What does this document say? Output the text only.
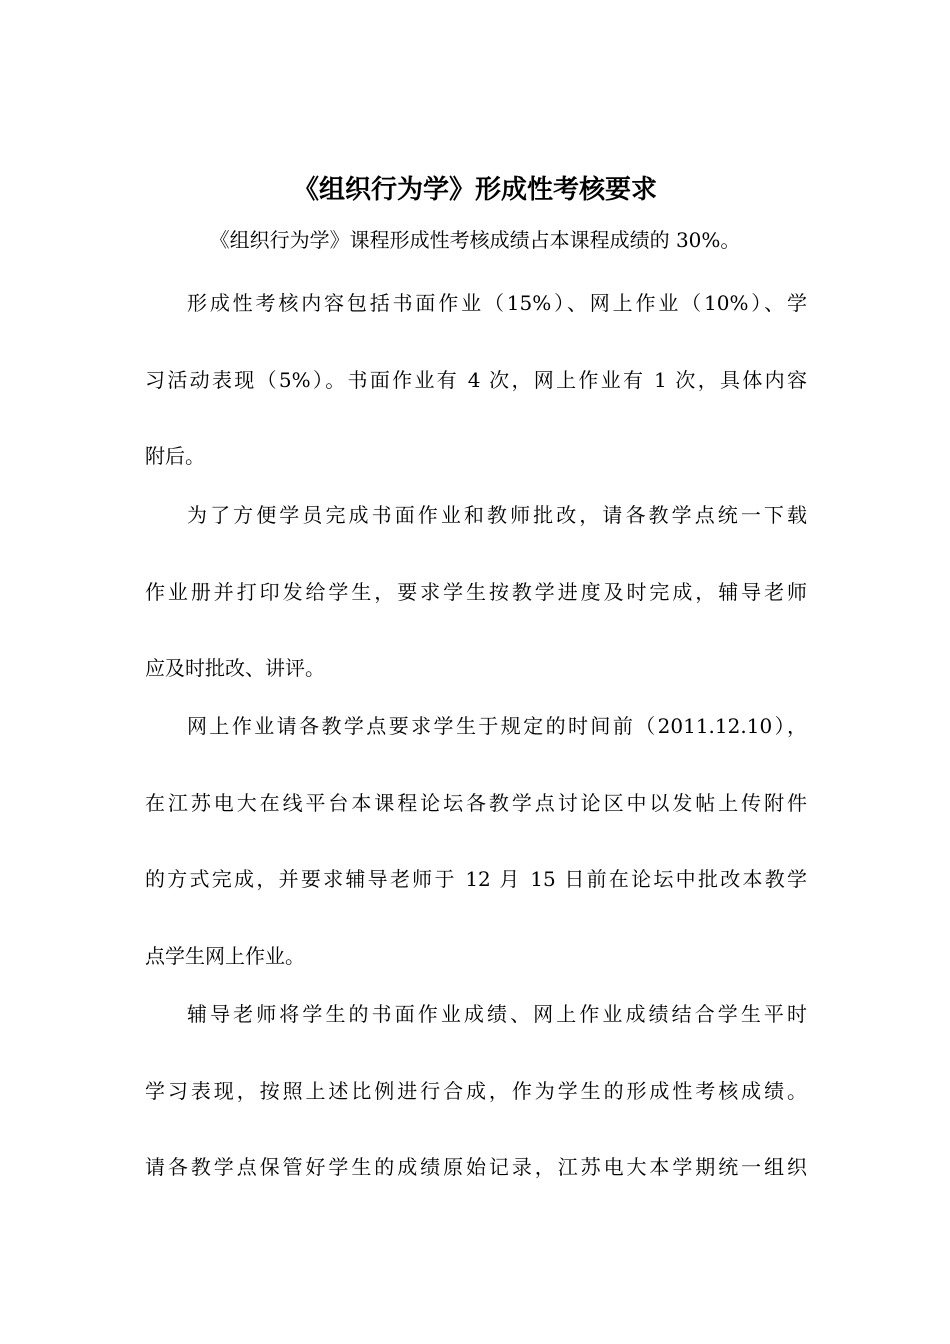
《组织行为学》形成性考核要求

《组织行为学》课程形成性考核成绩占本课程成绩的 30%。

形成性考核内容包括书面作业（15%）、网上作业（10%）、学
习活动表现（5%）。书面作业有 4 次，网上作业有 1 次，具体内容
附后。
为了方便学员完成书面作业和教师批改，请各教学点统一下载
作业册并打印发给学生，要求学生按教学进度及时完成，辅导老师
应及时批改、讲评。
网上作业请各教学点要求学生于规定的时间前（2011.12.10），
在江苏电大在线平台本课程论坛各教学点讨论区中以发帖上传附件
的方式完成，并要求辅导老师于 12 月 15 日前在论坛中批改本教学
点学生网上作业。
辅导老师将学生的书面作业成绩、网上作业成绩结合学生平时
学习表现，按照上述比例进行合成，作为学生的形成性考核成绩。
请各教学点保管好学生的成绩原始记录，江苏电大本学期统一组织
